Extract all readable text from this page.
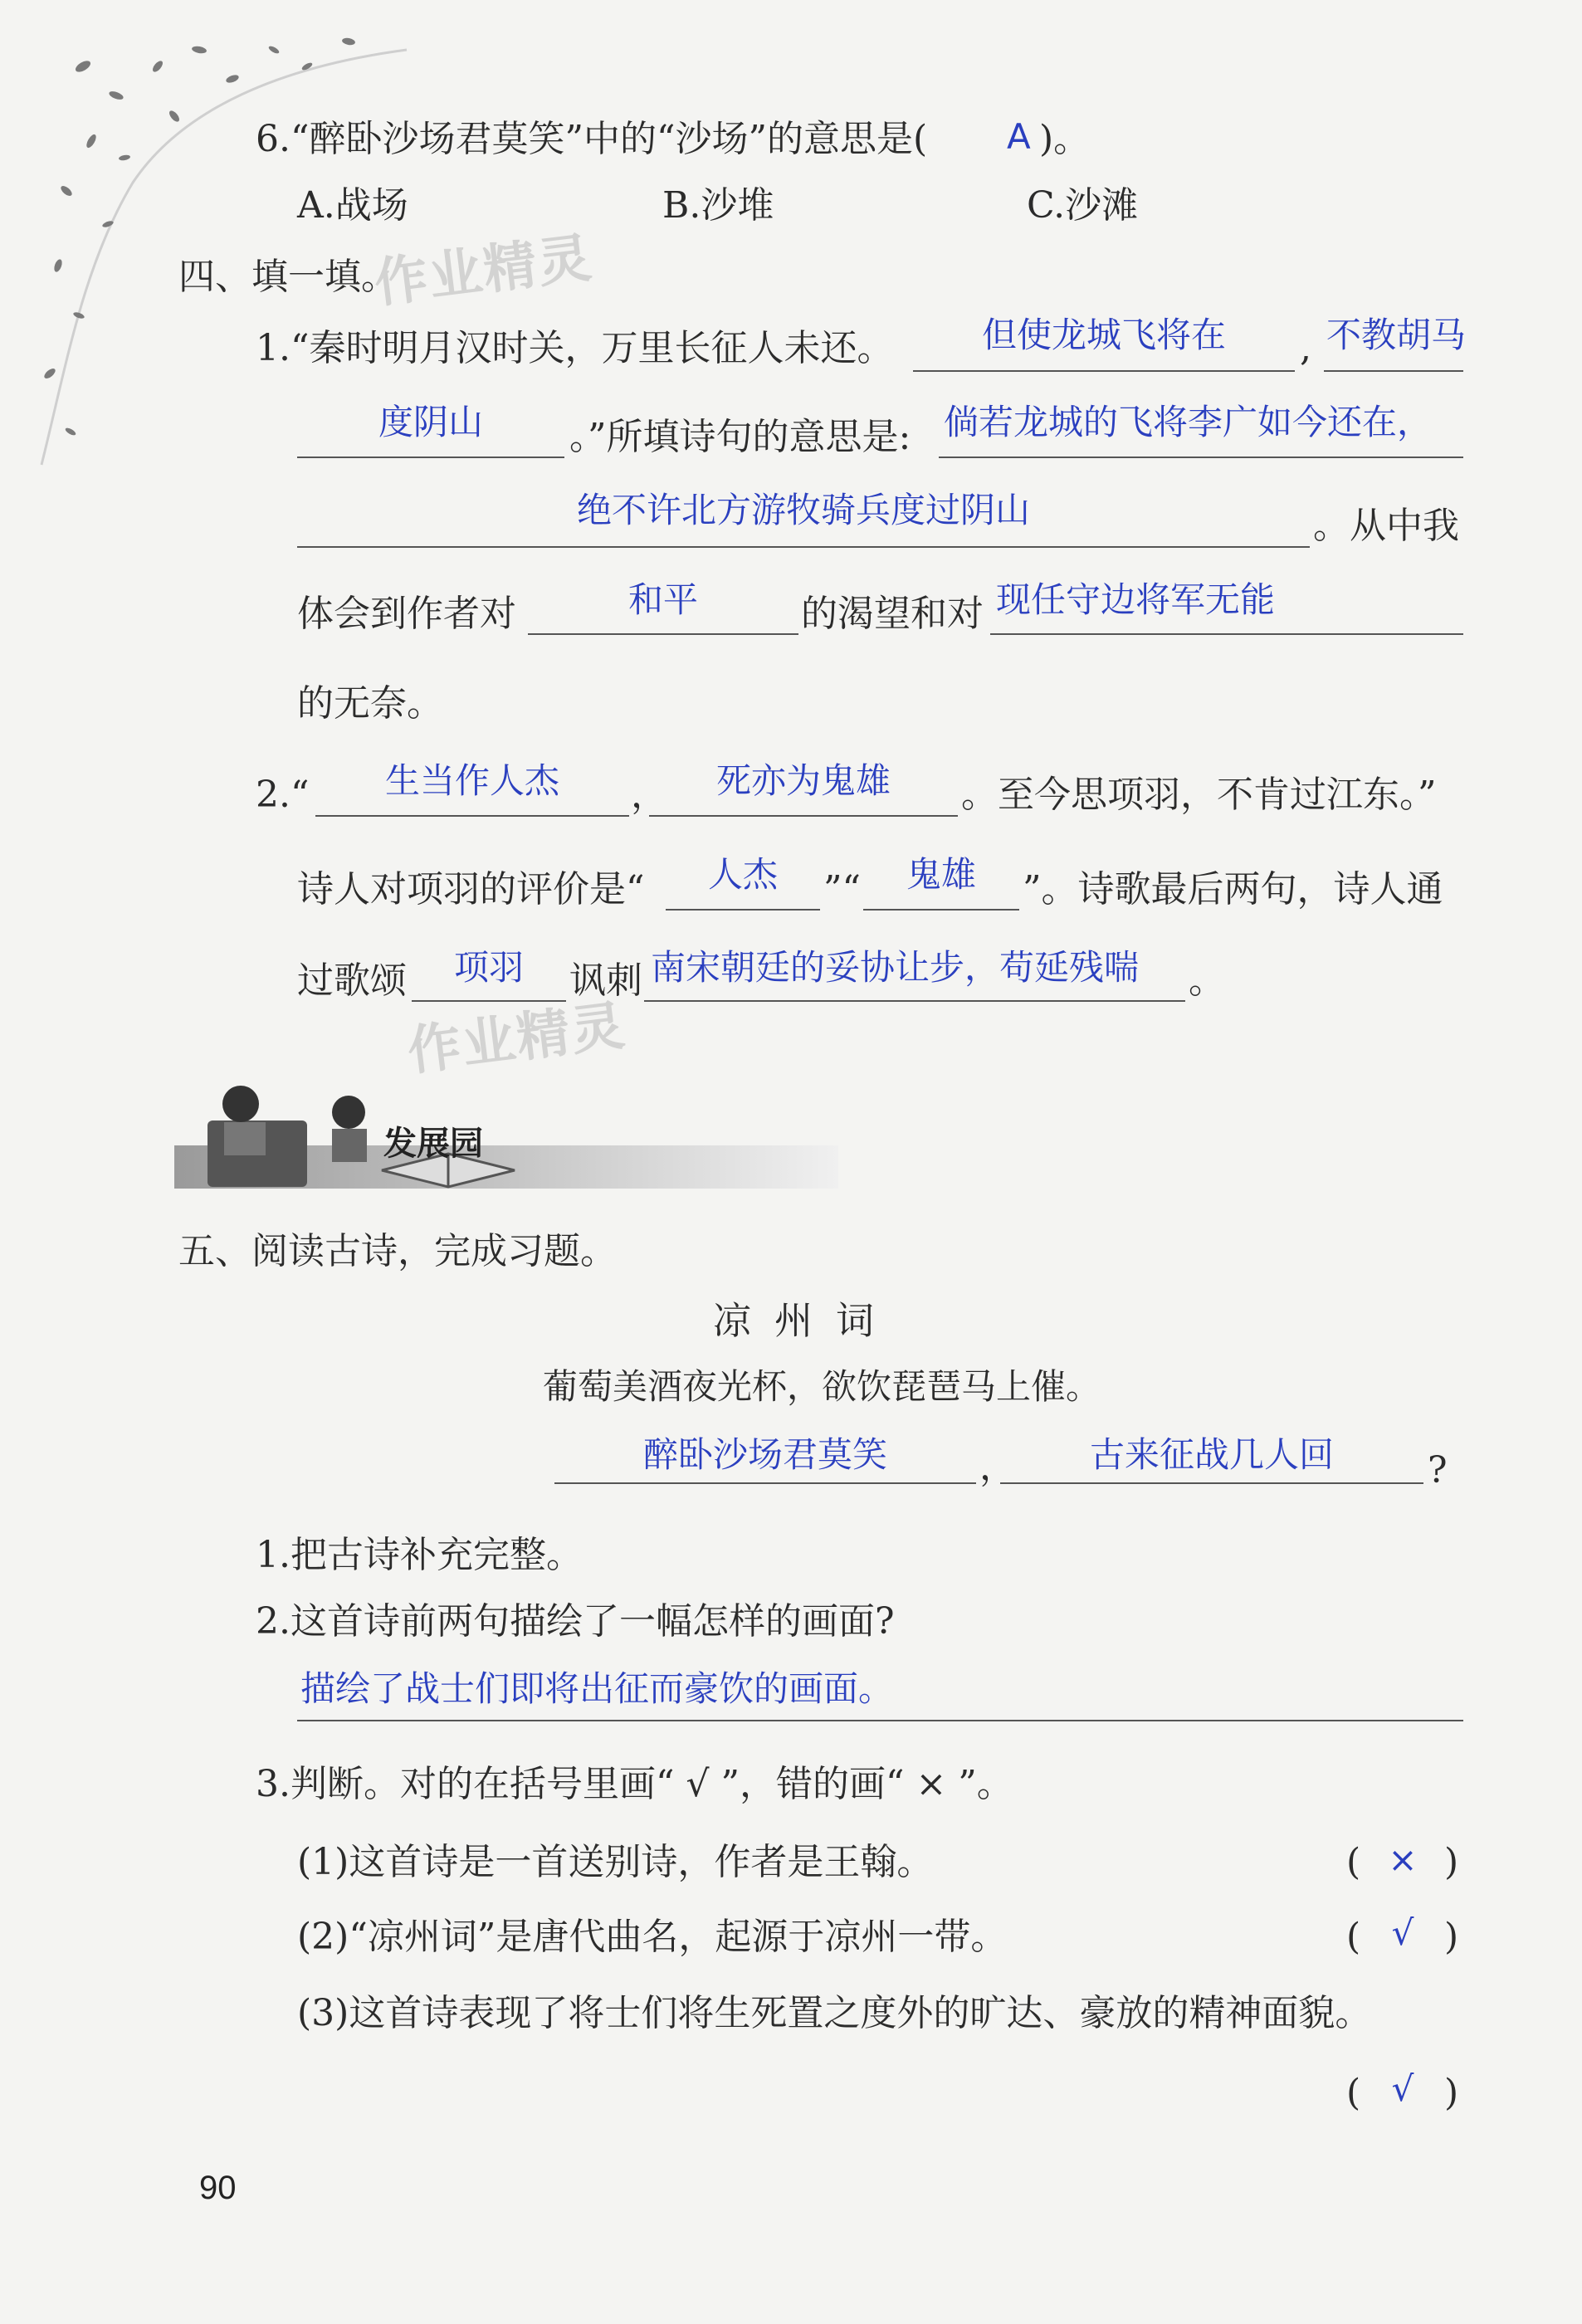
6.“醉卧沙场君莫笑”中的“沙场”的意思是( A )。
A.战场	B.沙堆	C.沙滩
四、填一填。
作业精灵
1.“秦时明月汉时关，万里长征人未还。	但使龙城飞将在	, 不教胡马
度阴山	。”所填诗句的意思是: 倘若龙城的飞将李广如今还在，
绝不许北方游牧骑兵度过阴山	。从中我
体会到作者对	和平	的渴望和对 现任守边将军无能
的无奈。
2.“	生当作人杰	，	死亦为鬼雄	。至今思项羽，不肯过江东。”
诗人对项羽的评价是“	人杰	”“	鬼雄	”。诗歌最后两句，诗人通
过歌颂	项羽	讽刺 南宋朝廷的妥协让步，苟延残喘 。
作业精灵
发展园
五、阅读古诗，完成习题。
凉州词
葡萄美酒夜光杯，欲饮琵琶马上催。
醉卧沙场君莫笑	，	古来征战几人回	?
1.把古诗补充完整。
2.这首诗前两句描绘了一幅怎样的画面?
描绘了战士们即将出征而豪饮的画面。
3.判断。对的在括号里画“ √ ”，错的画“ × ”。
(1)这首诗是一首送别诗，作者是王翰。	( × )
(2)“凉州词”是唐代曲名，起源于凉州一带。	( √ )
(3)这首诗表现了将士们将生死置之度外的旷达、豪放的精神面貌。
( √ )
90
